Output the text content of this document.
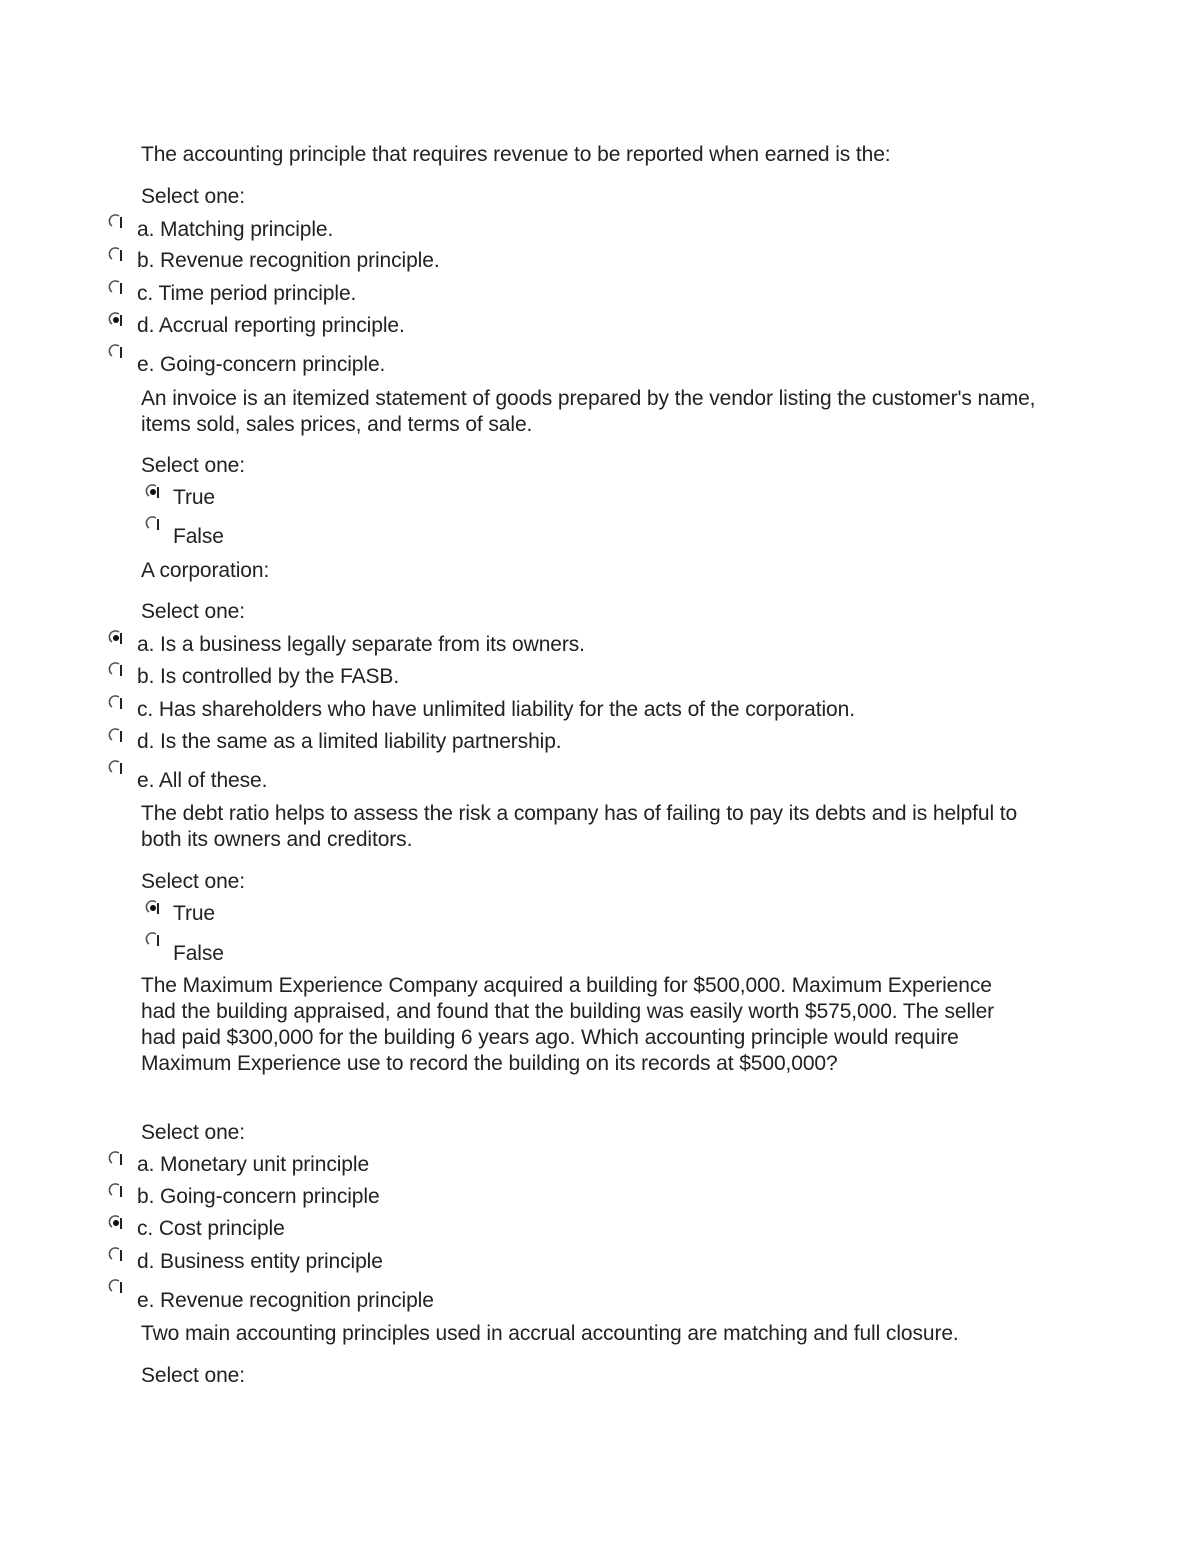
The accounting principle that requires revenue to be reported when earned is the:
Select one:
a. Matching principle.
b. Revenue recognition principle.
c. Time period principle.
d. Accrual reporting principle.
e. Going-concern principle.
An invoice is an itemized statement of goods prepared by the vendor listing the customer's name, items sold, sales prices, and terms of sale.
Select one:
True
False
A corporation:
Select one:
a. Is a business legally separate from its owners.
b. Is controlled by the FASB.
c. Has shareholders who have unlimited liability for the acts of the corporation.
d. Is the same as a limited liability partnership.
e. All of these.
The debt ratio helps to assess the risk a company has of failing to pay its debts and is helpful to both its owners and creditors.
Select one:
True
False
The Maximum Experience Company acquired a building for $500,000. Maximum Experience had the building appraised, and found that the building was easily worth $575,000. The seller had paid $300,000 for the building 6 years ago. Which accounting principle would require Maximum Experience use to record the building on its records at $500,000?
Select one:
a. Monetary unit principle
b. Going-concern principle
c. Cost principle
d. Business entity principle
e. Revenue recognition principle
Two main accounting principles used in accrual accounting are matching and full closure.
Select one:
